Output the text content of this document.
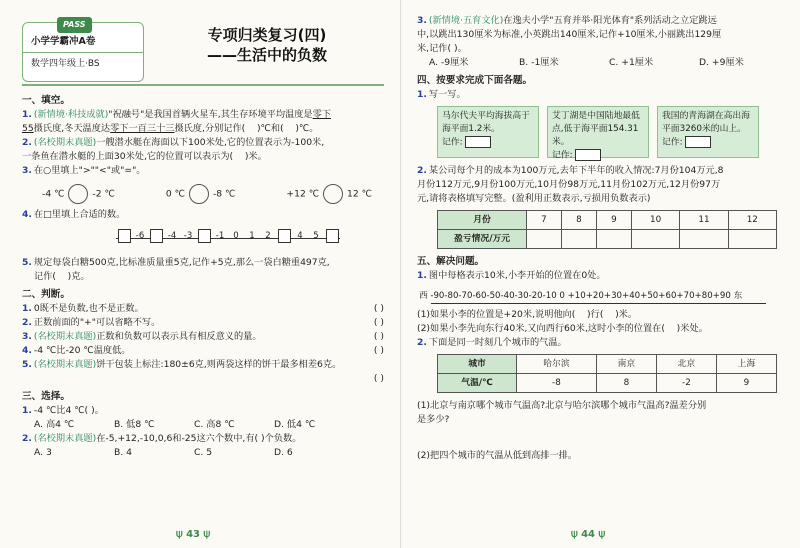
PASS
小学学霸冲A卷
数学四年级上·BS
专项归类复习(四)
——生活中的负数
一、填空。
1. (新情境·科技成就)"祝融号"是我国首辆火星车,其生存环境平均温度是零下
55摄氏度,冬天温度达零下一百三十三摄氏度,分别记作( )℃和( )℃。
2. (名校期末真题)一艘潜水艇在海面以下100米处,它的位置表示为-100米,
一条鱼在潜水艇的上面30米处,它的位置可以表示为( )米。
3. 在○里填上">""<"或"="。
-4 ℃	-2 ℃	0 ℃	-8 ℃	+12 ℃	12 ℃
4. 在□里填上合适的数。
-6	-4 -3	-1	0	1	2	4	5
5. 规定每袋白糖500克,比标准质量重5克,记作+5克,那么一袋白糖重497克,
记作( )克。
二、判断。
1. 0既不是负数,也不是正数。	( )
2. 正数前面的"+"可以省略不写。	( )
3. (名校期末真题)正数和负数可以表示具有相反意义的量。	( )
4. -4 ℃比-20 ℃温度低。	( )
5. (名校期末真题)饼干包装上标注:180±6克,则两袋这样的饼干最多相差6克。

( )
三、选择。
1. -4 ℃比4 ℃( )。
A. 高4 ℃	B. 低8 ℃	C. 高8 ℃	D. 低4 ℃
2. (名校期末真题)在-5,+12,-10,0,6和-25这六个数中,有( )个负数。
A. 3	B. 4	C. 5	D. 6
⍦ 43 ⍦
3. (新情境·五育文化)在逸夫小学"五育并举·阳光体育"系列活动之立定跳远
中,以跳出130厘米为标准,小英跳出140厘米,记作+10厘米,小丽跳出129厘
米,记作( )。
A. -9厘米	B. -1厘米	C. +1厘米	D. +9厘米
四、按要求完成下面各题。
1. 写一写。
马尔代夫平均海拔高于海平面1.2米。
记作:
艾丁湖是中国陆地最低点,低于海平面154.31米。
记作:
我国的青海湖在高出海平面3260米的山上。
记作:
2. 某公司每个月的成本为100万元,去年下半年的收入情况:7月份104万元,8
月份112万元,9月份100万元,10月份98万元,11月份102万元,12月份97万
元,请将表格填写完整。(盈利用正数表示,亏损用负数表示)
月份	7	8	9	10	11	12
盈亏情况/万元						
五、解决问题。
1. 图中每格表示10米,小李开始的位置在0处。
西 -90-80-70-60-50-40-30-20-10 0 +10+20+30+40+50+60+70+80+90 东
(1)如果小李的位置是+20米,说明他向( )行( )米。
(2)如果小李先向东行40米,又向西行60米,这时小李的位置在( )米处。
2. 下面是同一时刻几个城市的气温。
城市	哈尔滨	南京	北京	上海
气温/℃	-8	8	-2	9
(1)北京与南京哪个城市气温高?北京与哈尔滨哪个城市气温高?温差分别
是多少?
(2)把四个城市的气温从低到高排一排。
⍦ 44 ⍦
